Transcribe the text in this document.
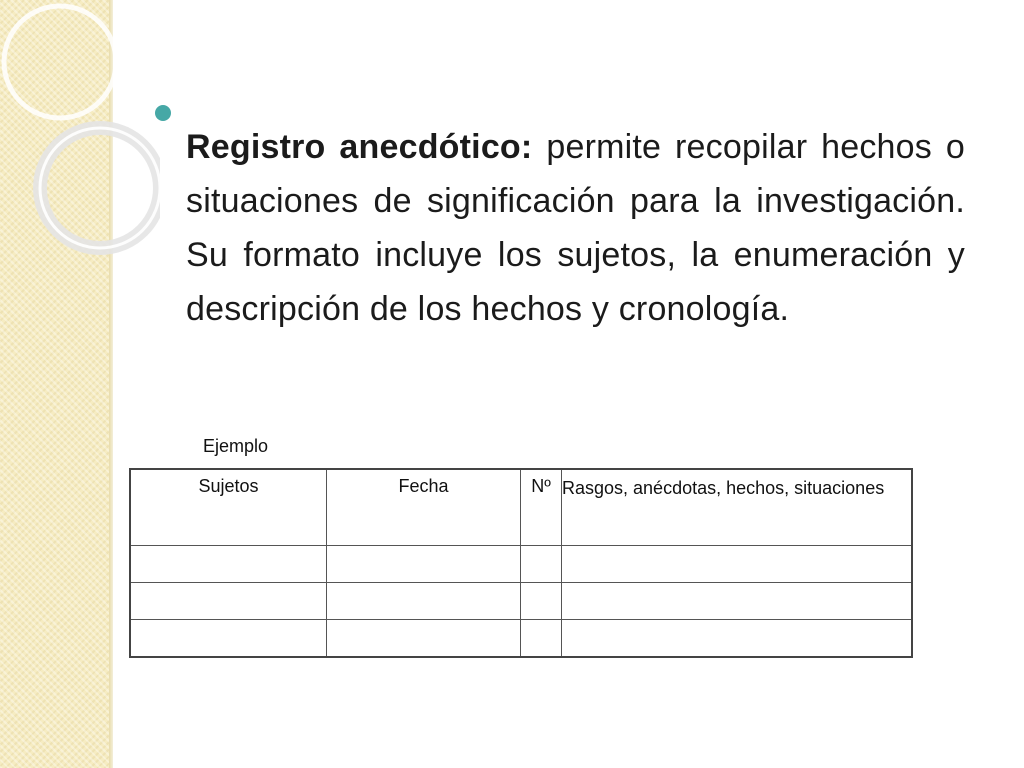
Registro anecdótico: permite recopilar hechos o situaciones de significación para la investigación. Su formato incluye los sujetos, la enumeración y descripción de los hechos y cronología.

Ejemplo
Sujetos	Fecha	Nº	Rasgos, anécdotas, hechos, situaciones
